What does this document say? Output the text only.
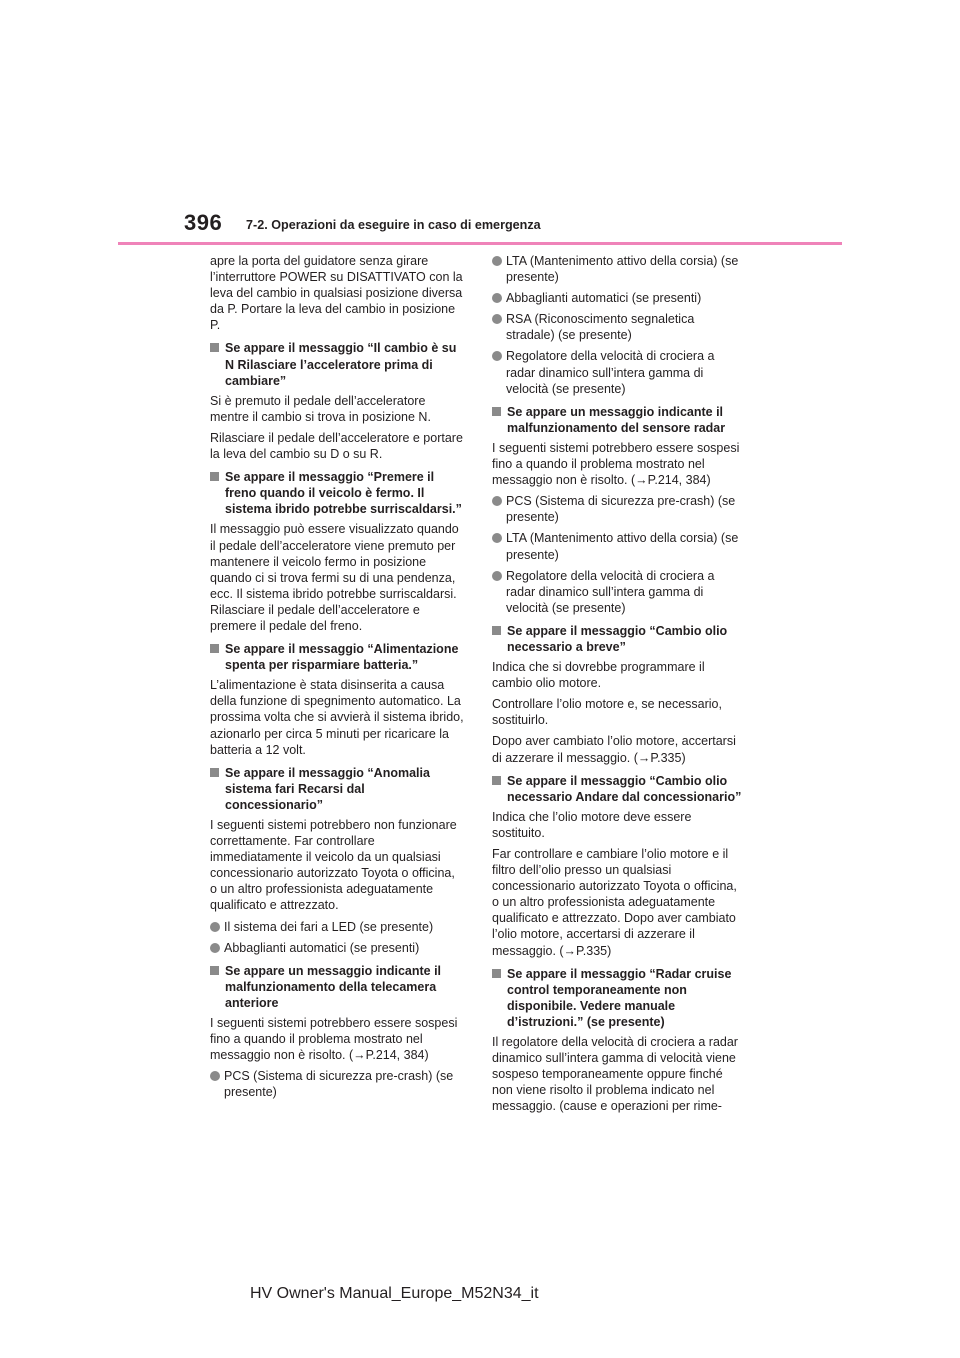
396 7-2. Operazioni da eseguire in caso di emergenza

apre la porta del guidatore senza girare l’interruttore POWER su DISATTIVATO con la leva del cambio in qualsiasi posizione diversa da P. Portare la leva del cambio in posizione P.

Se appare il messaggio “Il cambio è su N Rilasciare l’acceleratore prima di cambiare”

Si è premuto il pedale dell’acceleratore mentre il cambio si trova in posizione N.

Rilasciare il pedale dell’acceleratore e portare la leva del cambio su D o su R.

Se appare il messaggio “Premere il freno quando il veicolo è fermo. Il sistema ibrido potrebbe surriscaldarsi.”

Il messaggio può essere visualizzato quando il pedale dell’acceleratore viene premuto per mantenere il veicolo fermo in posizione quando ci si trova fermi su di una pendenza, ecc. Il sistema ibrido potrebbe surriscaldarsi. Rilasciare il pedale dell’acceleratore e premere il pedale del freno.

Se appare il messaggio “Alimentazione spenta per risparmiare batteria.”

L’alimentazione è stata disinserita a causa della funzione di spegnimento automatico. La prossima volta che si avvierà il sistema ibrido, azionarlo per circa 5 minuti per ricaricare la batteria a 12 volt.

Se appare il messaggio “Anomalia sistema fari Recarsi dal concessionario”

I seguenti sistemi potrebbero non funzionare correttamente. Far controllare immediatamente il veicolo da un qualsiasi concessionario autorizzato Toyota o officina, o un altro professionista adeguatamente qualificato e attrezzato.

Il sistema dei fari a LED (se presente)

Abbaglianti automatici (se presenti)

Se appare un messaggio indicante il malfunzionamento della telecamera anteriore

I seguenti sistemi potrebbero essere sospesi fino a quando il problema mostrato nel messaggio non è risolto. (→P.214, 384)

PCS (Sistema di sicurezza pre-crash) (se presente)

LTA (Mantenimento attivo della corsia) (se presente)

Abbaglianti automatici (se presenti)

RSA (Riconoscimento segnaletica stradale) (se presente)

Regolatore della velocità di crociera a radar dinamico sull’intera gamma di velocità (se presente)

Se appare un messaggio indicante il malfunzionamento del sensore radar

I seguenti sistemi potrebbero essere sospesi fino a quando il problema mostrato nel messaggio non è risolto. (→P.214, 384)

PCS (Sistema di sicurezza pre-crash) (se presente)

LTA (Mantenimento attivo della corsia) (se presente)

Regolatore della velocità di crociera a radar dinamico sull’intera gamma di velocità (se presente)

Se appare il messaggio “Cambio olio necessario a breve”

Indica che si dovrebbe programmare il cambio olio motore.

Controllare l’olio motore e, se necessario, sostituirlo.

Dopo aver cambiato l’olio motore, accertarsi di azzerare il messaggio. (→P.335)

Se appare il messaggio “Cambio olio necessario Andare dal concessionario”

Indica che l’olio motore deve essere sostituito.

Far controllare e cambiare l’olio motore e il filtro dell’olio presso un qualsiasi concessionario autorizzato Toyota o officina, o un altro professionista adeguatamente qualificato e attrezzato. Dopo aver cambiato l’olio motore, accertarsi di azzerare il messaggio. (→P.335)

Se appare il messaggio “Radar cruise control temporaneamente non disponibile. Vedere manuale d’istruzioni.” (se presente)

Il regolatore della velocità di crociera a radar dinamico sull’intera gamma di velocità viene sospeso temporaneamente oppure finché non viene risolto il problema indicato nel messaggio. (cause e operazioni per rime-

HV Owner's Manual_Europe_M52N34_it
